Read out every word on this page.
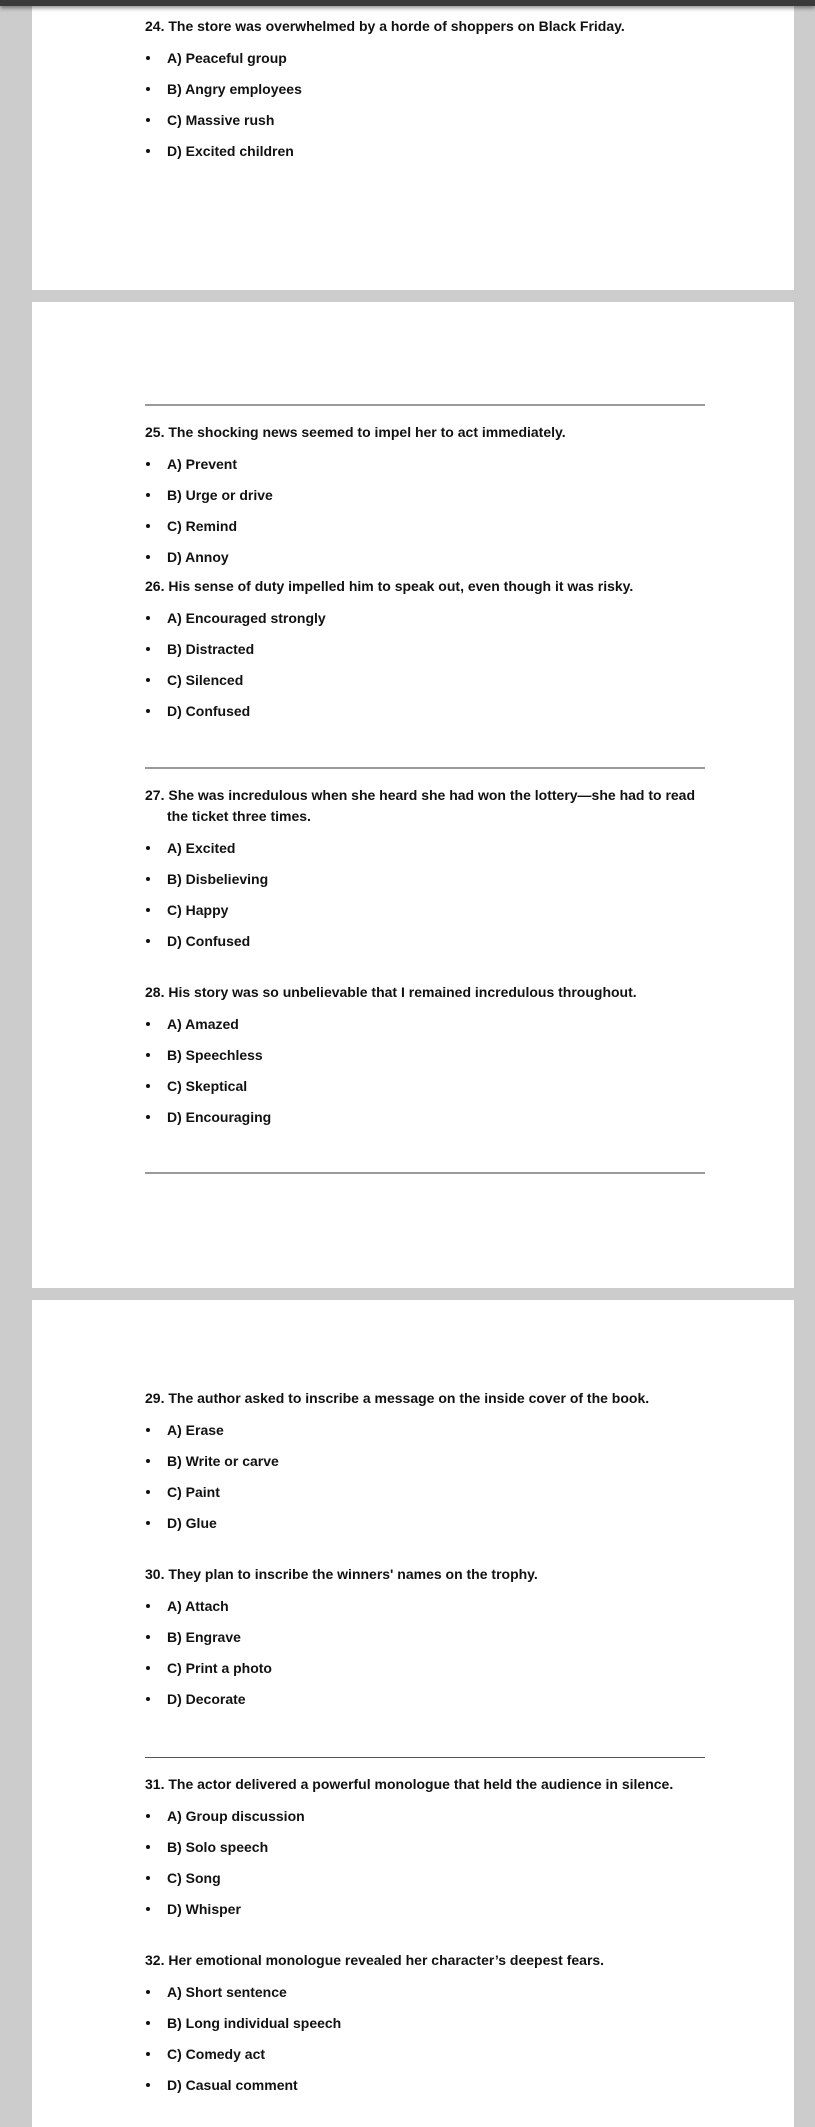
24. The store was overwhelmed by a horde of shoppers on Black Friday.

A) Peaceful group
B) Angry employees
C) Massive rush
D) Excited children

25. The shocking news seemed to impel her to act immediately.

A) Prevent
B) Urge or drive
C) Remind
D) Annoy

26. His sense of duty impelled him to speak out, even though it was risky.

A) Encouraged strongly
B) Distracted
C) Silenced
D) Confused

27. She was incredulous when she heard she had won the lottery—she had to read the ticket three times.

A) Excited
B) Disbelieving
C) Happy
D) Confused

28. His story was so unbelievable that I remained incredulous throughout.

A) Amazed
B) Speechless
C) Skeptical
D) Encouraging

29. The author asked to inscribe a message on the inside cover of the book.

A) Erase
B) Write or carve
C) Paint
D) Glue

30. They plan to inscribe the winners' names on the trophy.

A) Attach
B) Engrave
C) Print a photo
D) Decorate

31. The actor delivered a powerful monologue that held the audience in silence.

A) Group discussion
B) Solo speech
C) Song
D) Whisper

32. Her emotional monologue revealed her character’s deepest fears.

A) Short sentence
B) Long individual speech
C) Comedy act
D) Casual comment
